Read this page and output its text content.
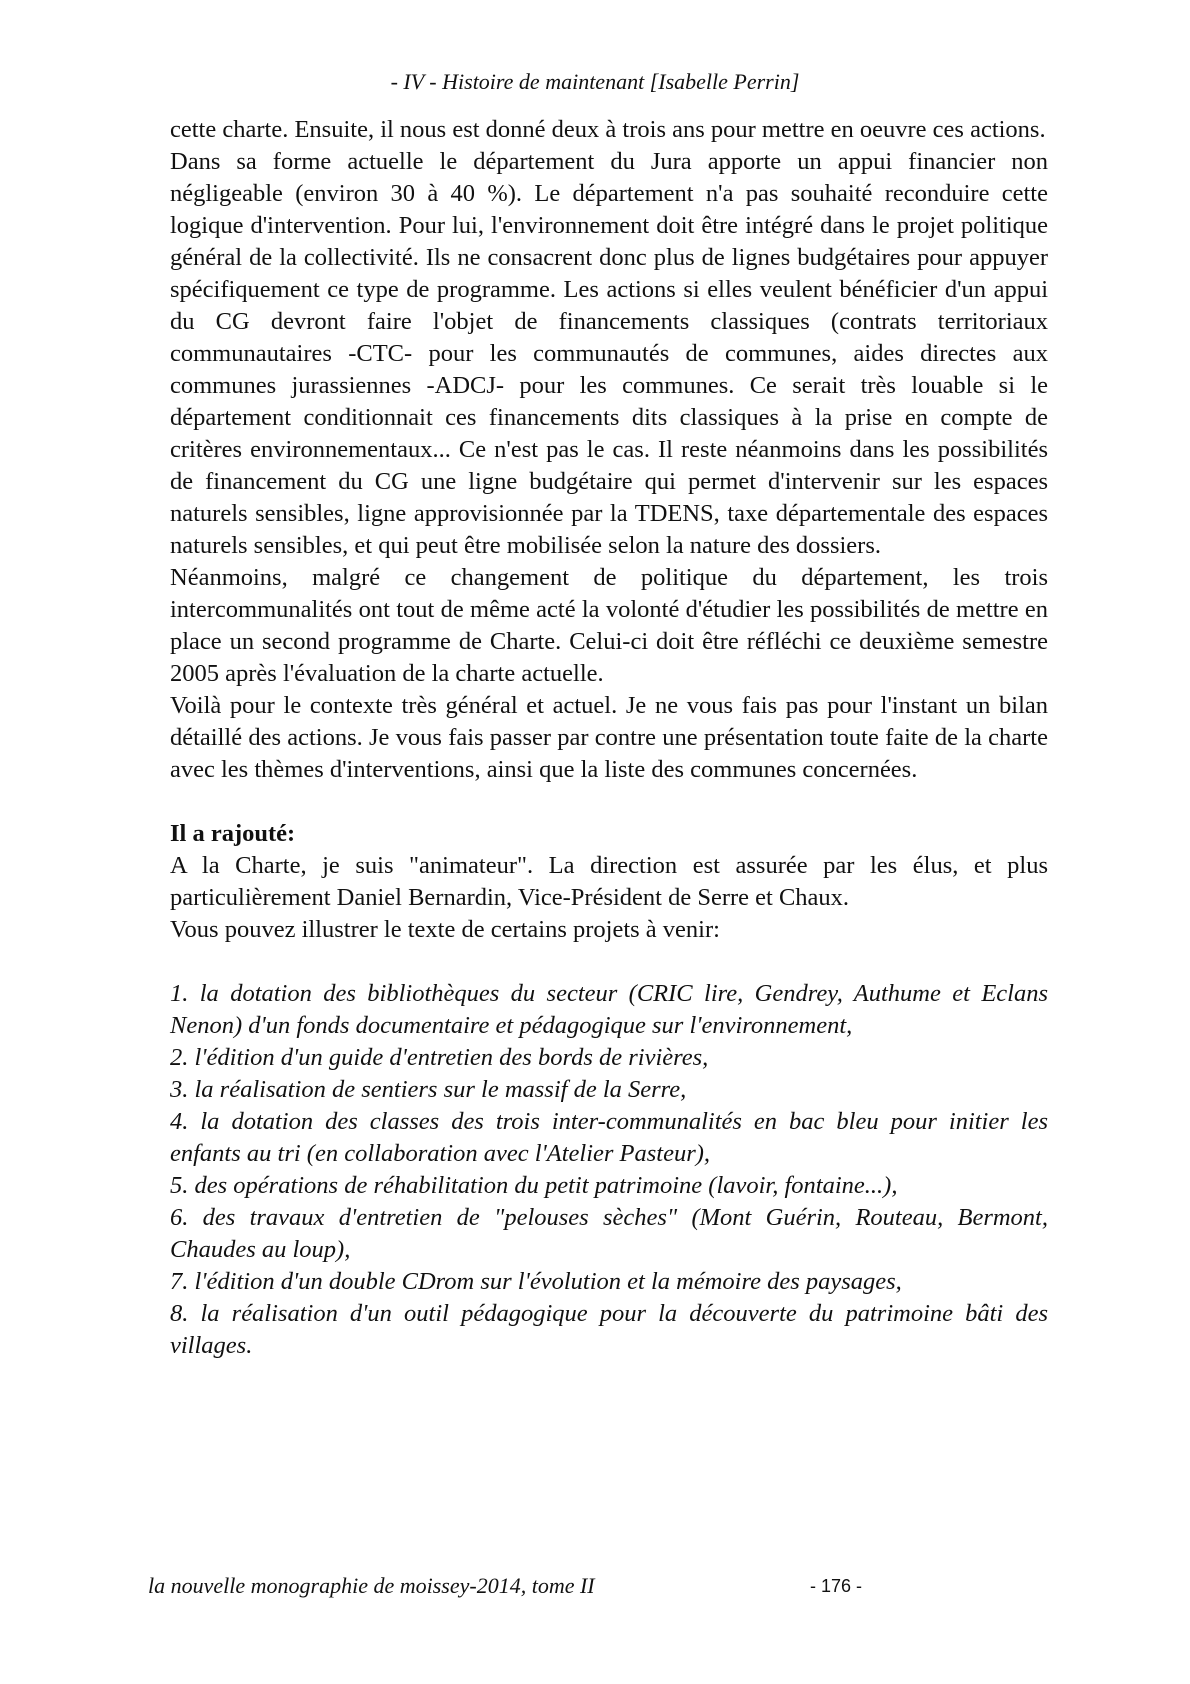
- IV - Histoire de maintenant [Isabelle Perrin]

cette charte. Ensuite, il nous est donné deux à trois ans pour mettre en oeuvre ces actions.

Dans sa forme actuelle le département du Jura apporte un appui financier non négligeable (environ 30 à 40 %). Le département n'a pas souhaité reconduire cette logique d'intervention. Pour lui, l'environnement doit être intégré dans le projet politique général de la collectivité. Ils ne consacrent donc plus de lignes budgétaires pour appuyer spécifiquement ce type de programme. Les actions si elles veulent bénéficier d'un appui du CG devront faire l'objet de financements classiques (contrats territoriaux communautaires -CTC- pour les communautés de communes, aides directes aux communes jurassiennes -ADCJ- pour les communes. Ce serait très louable si le département conditionnait ces financements dits classiques à la prise en compte de critères environnementaux... Ce n'est pas le cas. Il reste néanmoins dans les possibilités de financement du CG une ligne budgétaire qui permet d'intervenir sur les espaces naturels sensibles, ligne approvisionnée par la TDENS, taxe départementale des espaces naturels sensibles, et qui peut être mobilisée selon la nature des dossiers.

Néanmoins, malgré ce changement de politique du département, les trois intercommunalités ont tout de même acté la volonté d'étudier les possibilités de mettre en place un second programme de Charte. Celui-ci doit être réfléchi ce deuxième semestre 2005 après l'évaluation de la charte actuelle.

Voilà pour le contexte très général et actuel. Je ne vous fais pas pour l'instant un bilan détaillé des actions. Je vous fais passer par contre une présentation toute faite de la charte avec les thèmes d'interventions, ainsi que la liste des communes concernées.

Il a rajouté:

A la Charte, je suis "animateur". La direction est assurée par les élus, et plus particulièrement Daniel Bernardin, Vice-Président de Serre et Chaux.

Vous pouvez illustrer le texte de certains projets à venir:

1. la dotation des bibliothèques du secteur (CRIC lire, Gendrey, Authume et Eclans Nenon) d'un fonds documentaire et pédagogique sur l'environnement,
2. l'édition d'un guide d'entretien des bords de rivières,
3. la réalisation de sentiers sur le massif de la Serre,
4. la dotation des classes des trois inter-communalités en bac bleu pour initier les enfants au tri (en collaboration avec l'Atelier Pasteur),
5. des opérations de réhabilitation du petit patrimoine (lavoir, fontaine...),
6. des travaux d'entretien de "pelouses sèches" (Mont Guérin, Routeau, Bermont, Chaudes au loup),
7. l'édition d'un double CDrom sur l'évolution et la mémoire des paysages,
8. la réalisation d'un outil pédagogique pour la découverte du patrimoine bâti des villages.
la nouvelle monographie de moissey-2014, tome II	- 176 -
